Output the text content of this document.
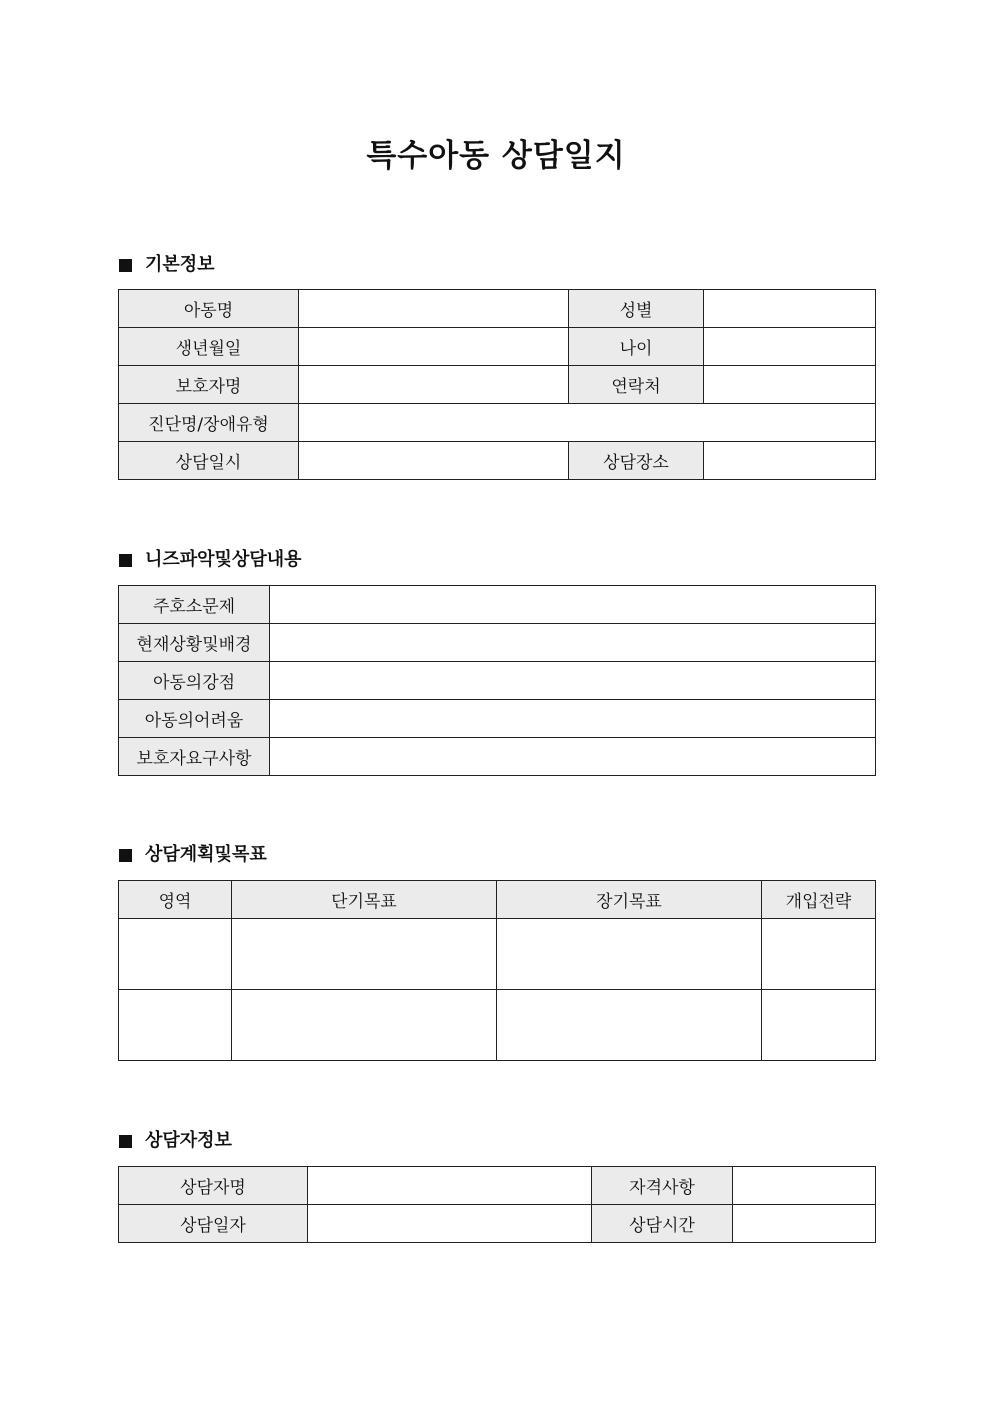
특수아동 상담일지
기본정보
아동명		성별	
생년월일		나이	
보호자명		연락처	
진단명/장애유형			
상담일시		상담장소	
니즈파악및상담내용
주호소문제	
현재상황및배경	
아동의강점	
아동의어려움	
보호자요구사항	
상담계획및목표
영역	단기목표	장기목표	개입전략

상담자정보
상담자명		자격사항	
상담일자		상담시간	
